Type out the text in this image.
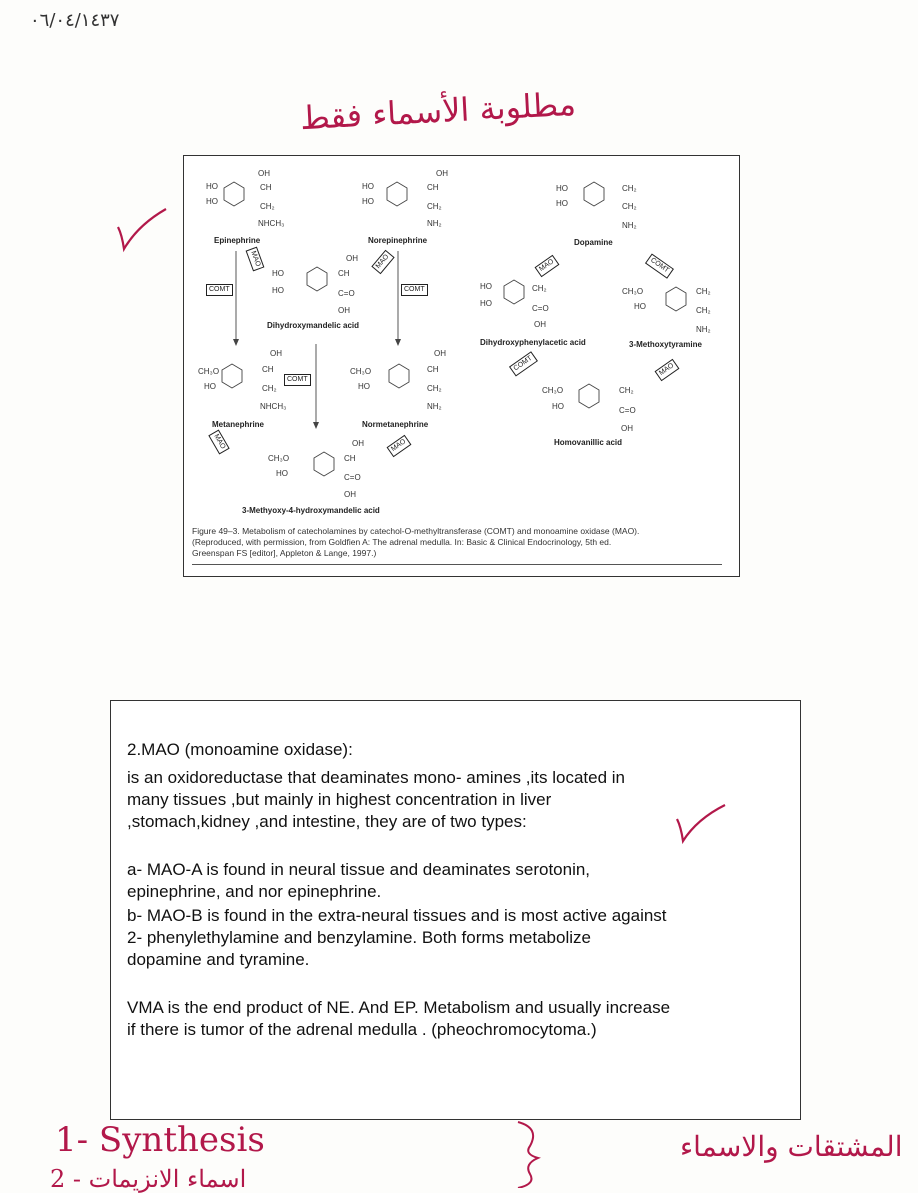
٠٦/٠٤/١٤٣٧
مطلوبة الأسماء فقط
OH
HO
HO
CH
CH₂
NHCH₃
Epinephrine
OH
HO
HO
CH
CH₂
NH₂
Norepinephrine
HO
HO
CH₂
CH₂
NH₂
Dopamine
MAO
COMT
MAO
COMT
MAO	COMT
OH
HO
HO
CH
C=O
OH
Dihydroxymandelic acid
HO
HO
CH₂
C=O
OH
Dihydroxyphenylacetic acid
CH₃O
HO
CH₂
CH₂
NH₂
3-Methoxytyramine
OH
CH₃O
HO
CH
CH₂
NHCH₃
COMT
Metanephrine
OH
CH₃O
HO
CH
CH₂
NH₂
Normetanephrine
COMT	MAO
CH₃O
HO
CH₂
C=O
OH
Homovanillic acid
MAO	MAO
OH
CH₃O
HO
CH
C=O
OH
3-Methyoxy-4-hydroxymandelic acid
Figure 49–3. Metabolism of catecholamines by catechol-O-methyltransferase (COMT) and monoamine oxidase (MAO).
(Reproduced, with permission, from Goldfien A: The adrenal medulla. In: Basic & Clinical Endocrinology, 5th ed.
Greenspan FS [editor], Appleton & Lange, 1997.)
2.MAO (monoamine oxidase):
is an oxidoreductase that deaminates mono- amines ,its located in
many tissues ,but mainly in highest concentration in liver
,stomach,kidney ,and intestine, they are of two types:
a- MAO-A is found in neural tissue and deaminates serotonin,
epinephrine, and nor epinephrine.
b- MAO-B is found in the extra-neural tissues and is most active against
2- phenylethylamine and benzylamine. Both forms metabolize
dopamine and tyramine.
VMA is the end product of NE. And EP. Metabolism and usually increase
if there is tumor of the adrenal medulla . (pheochromocytoma.)
1- Synthesis
2 - اسماء الانزيمات
المشتقات والاسماء
